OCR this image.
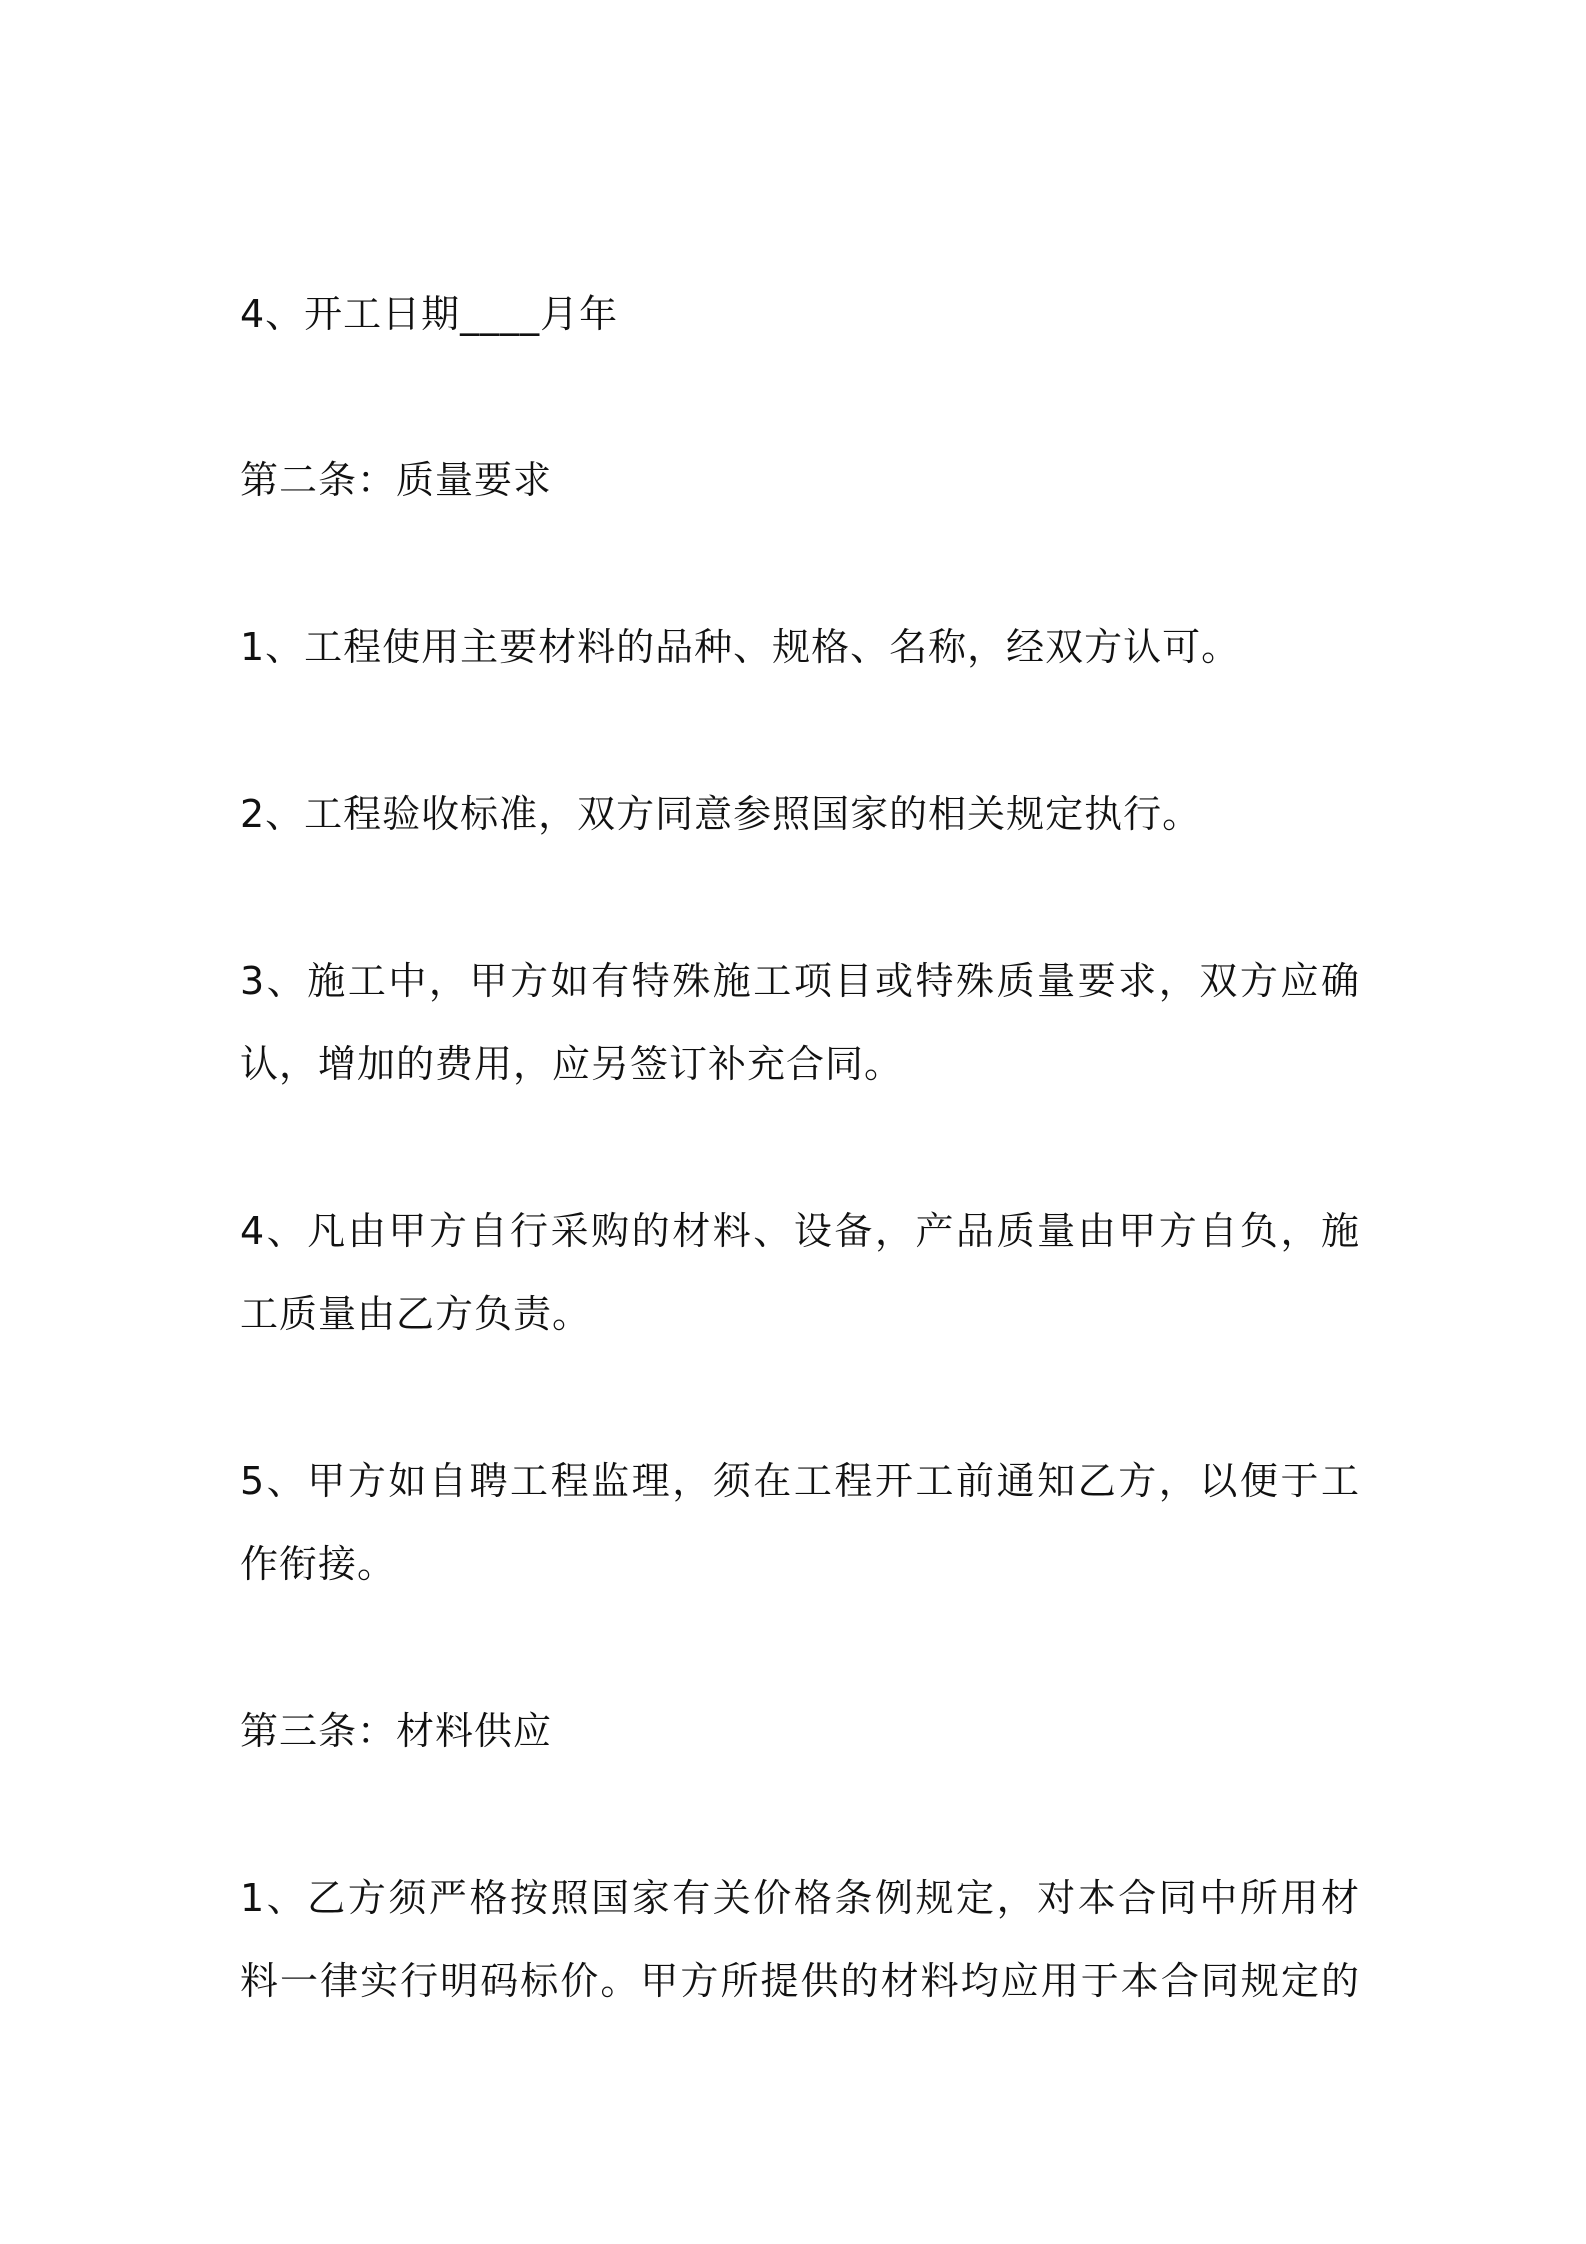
4、开工日期____月年

第二条：质量要求

1、工程使用主要材料的品种、规格、名称，经双方认可。

2、工程验收标准，双方同意参照国家的相关规定执行。

3、施工中，甲方如有特殊施工项目或特殊质量要求，双方应确

认，增加的费用，应另签订补充合同。

4、凡由甲方自行采购的材料、设备，产品质量由甲方自负，施

工质量由乙方负责。

5、甲方如自聘工程监理，须在工程开工前通知乙方，以便于工

作衔接。

第三条：材料供应

1、乙方须严格按照国家有关价格条例规定，对本合同中所用材

料一律实行明码标价。甲方所提供的材料均应用于本合同规定的
